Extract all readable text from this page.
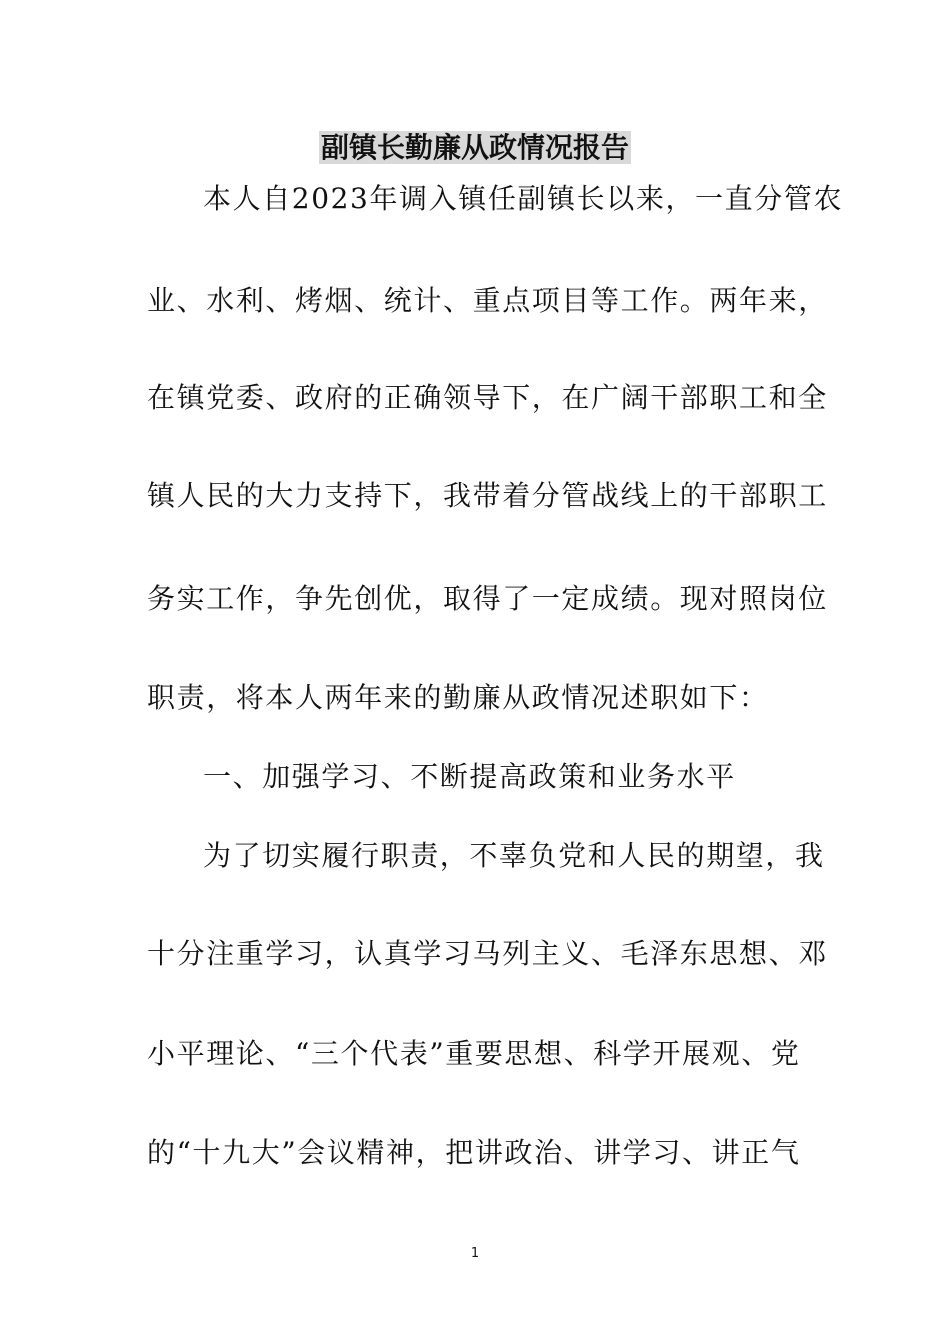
副镇长勤廉从政情况报告
本人自2023年调入镇任副镇长以来，一直分管农
业、水利、烤烟、统计、重点项目等工作。两年来，
在镇党委、政府的正确领导下，在广阔干部职工和全
镇人民的大力支持下，我带着分管战线上的干部职工
务实工作，争先创优，取得了一定成绩。现对照岗位
职责，将本人两年来的勤廉从政情况述职如下：
一、加强学习、不断提高政策和业务水平
为了切实履行职责，不辜负党和人民的期望，我
十分注重学习，认真学习马列主义、毛泽东思想、邓
小平理论、“三个代表”重要思想、科学开展观、党
的“十九大”会议精神，把讲政治、讲学习、讲正气
1
